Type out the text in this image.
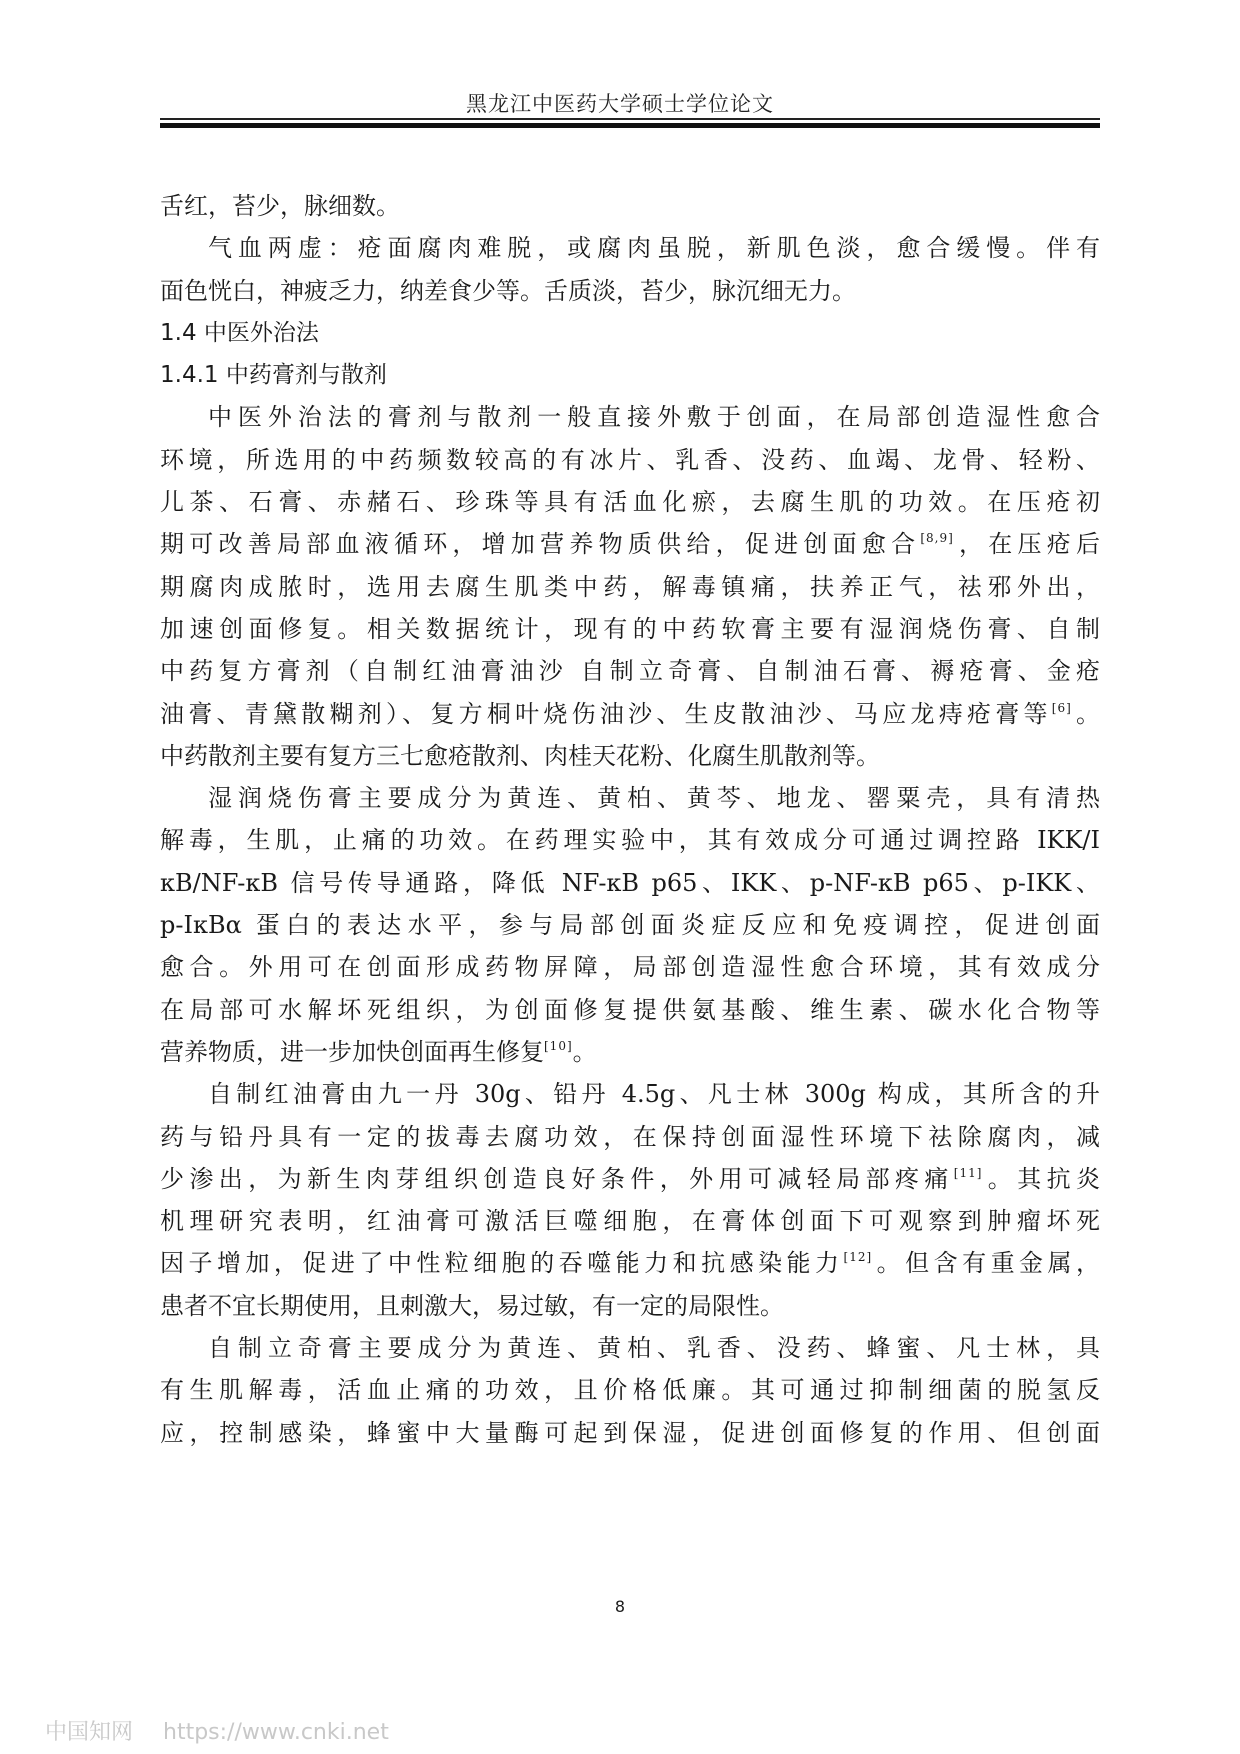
黑龙江中医药大学硕士学位论文
舌红，苔少，脉细数。
气血两虚：疮面腐肉难脱，或腐肉虽脱，新肌色淡，愈合缓慢。伴有
面色恍白，神疲乏力，纳差食少等。舌质淡，苔少，脉沉细无力。
1.4 中医外治法
1.4.1 中药膏剂与散剂
中医外治法的膏剂与散剂一般直接外敷于创面，在局部创造湿性愈合
环境，所选用的中药频数较高的有冰片、乳香、没药、血竭、龙骨、轻粉、
儿茶、石膏、赤赭石、珍珠等具有活血化瘀，去腐生肌的功效。在压疮初
期可改善局部血液循环，增加营养物质供给，促进创面愈合[8,9]，在压疮后
期腐肉成脓时，选用去腐生肌类中药，解毒镇痛，扶养正气，祛邪外出，
加速创面修复。相关数据统计，现有的中药软膏主要有湿润烧伤膏、自制
中药复方膏剂（自制红油膏油沙 自制立奇膏、自制油石膏、褥疮膏、金疮
油膏、青黛散糊剂）、复方桐叶烧伤油沙、生皮散油沙、马应龙痔疮膏等[6]。
中药散剂主要有复方三七愈疮散剂、肉桂天花粉、化腐生肌散剂等。
湿润烧伤膏主要成分为黄连、黄柏、黄芩、地龙、罂粟壳，具有清热
解毒，生肌，止痛的功效。在药理实验中，其有效成分可通过调控路 IKK/I
κB/NF-κB 信号传导通路，降低 NF-κB p65、IKK、p-NF-κB p65、p-IKK、
p-IκBα 蛋白的表达水平，参与局部创面炎症反应和免疫调控，促进创面
愈合。外用可在创面形成药物屏障，局部创造湿性愈合环境，其有效成分
在局部可水解坏死组织，为创面修复提供氨基酸、维生素、碳水化合物等
营养物质，进一步加快创面再生修复[10]。
自制红油膏由九一丹 30g、铅丹 4.5g、凡士林 300g 构成，其所含的升
药与铅丹具有一定的拔毒去腐功效，在保持创面湿性环境下祛除腐肉，减
少渗出，为新生肉芽组织创造良好条件，外用可减轻局部疼痛[11]。其抗炎
机理研究表明，红油膏可激活巨噬细胞，在膏体创面下可观察到肿瘤坏死
因子增加，促进了中性粒细胞的吞噬能力和抗感染能力[12]。但含有重金属，
患者不宜长期使用，且刺激大，易过敏，有一定的局限性。
自制立奇膏主要成分为黄连、黄柏、乳香、没药、蜂蜜、凡士林，具
有生肌解毒，活血止痛的功效，且价格低廉。其可通过抑制细菌的脱氢反
应，控制感染，蜂蜜中大量酶可起到保湿，促进创面修复的作用、但创面
8
中国知网 https://www.cnki.net
